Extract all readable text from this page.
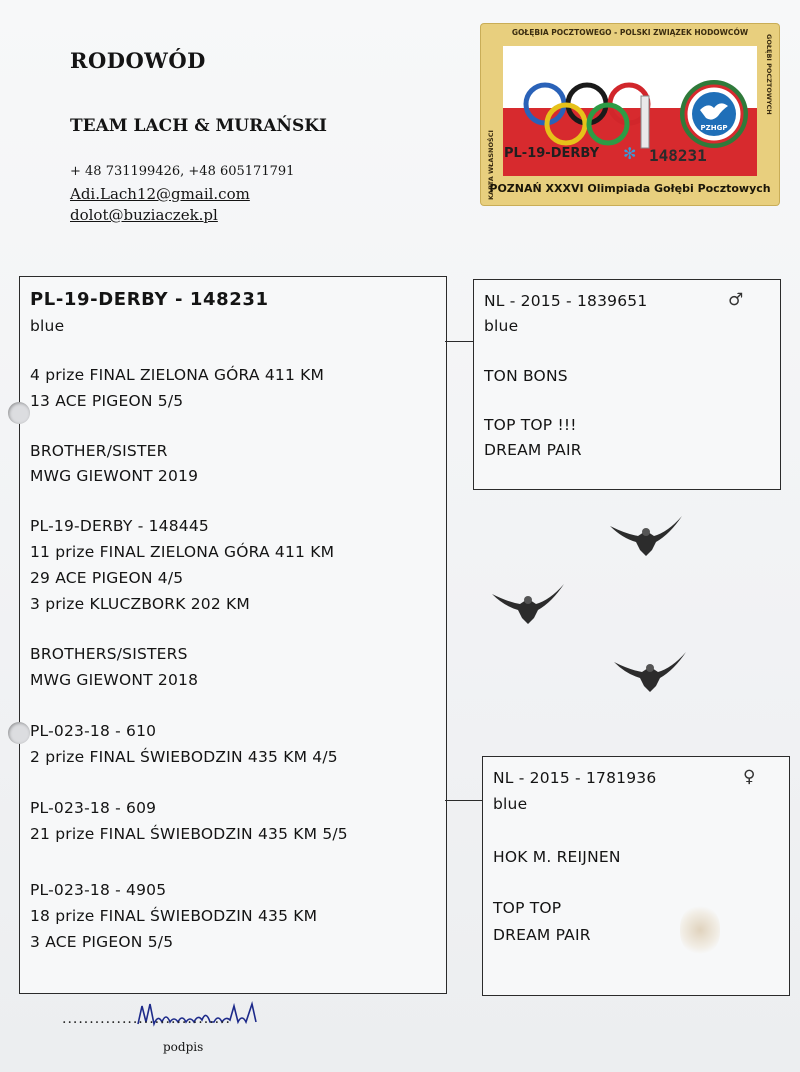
RODOWÓD
TEAM LACH & MURAŃSKI
+ 48 731199426, +48 605171791
Adi.Lach12@gmail.com
dolot@buziaczek.pl
GOŁĘBIA POCZTOWEGO - POLSKI ZWIĄZEK HODOWCÓW
KARTA WŁASNOŚCI
GOŁĘBI POCZTOWYCH
PZHGP
PL-19-DERBY ✻ 148231
POZNAŃ XXXVI Olimpiada Gołębi Pocztowych
PL-19-DERBY - 148231
blue
4 prize FINAL ZIELONA GÓRA 411 KM
13 ACE PIGEON 5/5
BROTHER/SISTER
MWG GIEWONT 2019
PL-19-DERBY - 148445
11 prize FINAL ZIELONA GÓRA 411 KM
29 ACE PIGEON 4/5
3 prize KLUCZBORK 202 KM
BROTHERS/SISTERS
MWG GIEWONT 2018
PL-023-18 - 610
2 prize FINAL ŚWIEBODZIN 435 KM 4/5
PL-023-18 - 609
21 prize FINAL ŚWIEBODZIN 435 KM 5/5
PL-023-18 - 4905
18 prize FINAL ŚWIEBODZIN 435 KM
3 ACE PIGEON 5/5
NL - 2015 - 1839651	♂
blue
TON BONS
TOP TOP !!!
DREAM PAIR
NL - 2015 - 1781936	♀
blue
HOK M. REIJNEN
TOP TOP
DREAM PAIR
...............................
podpis
